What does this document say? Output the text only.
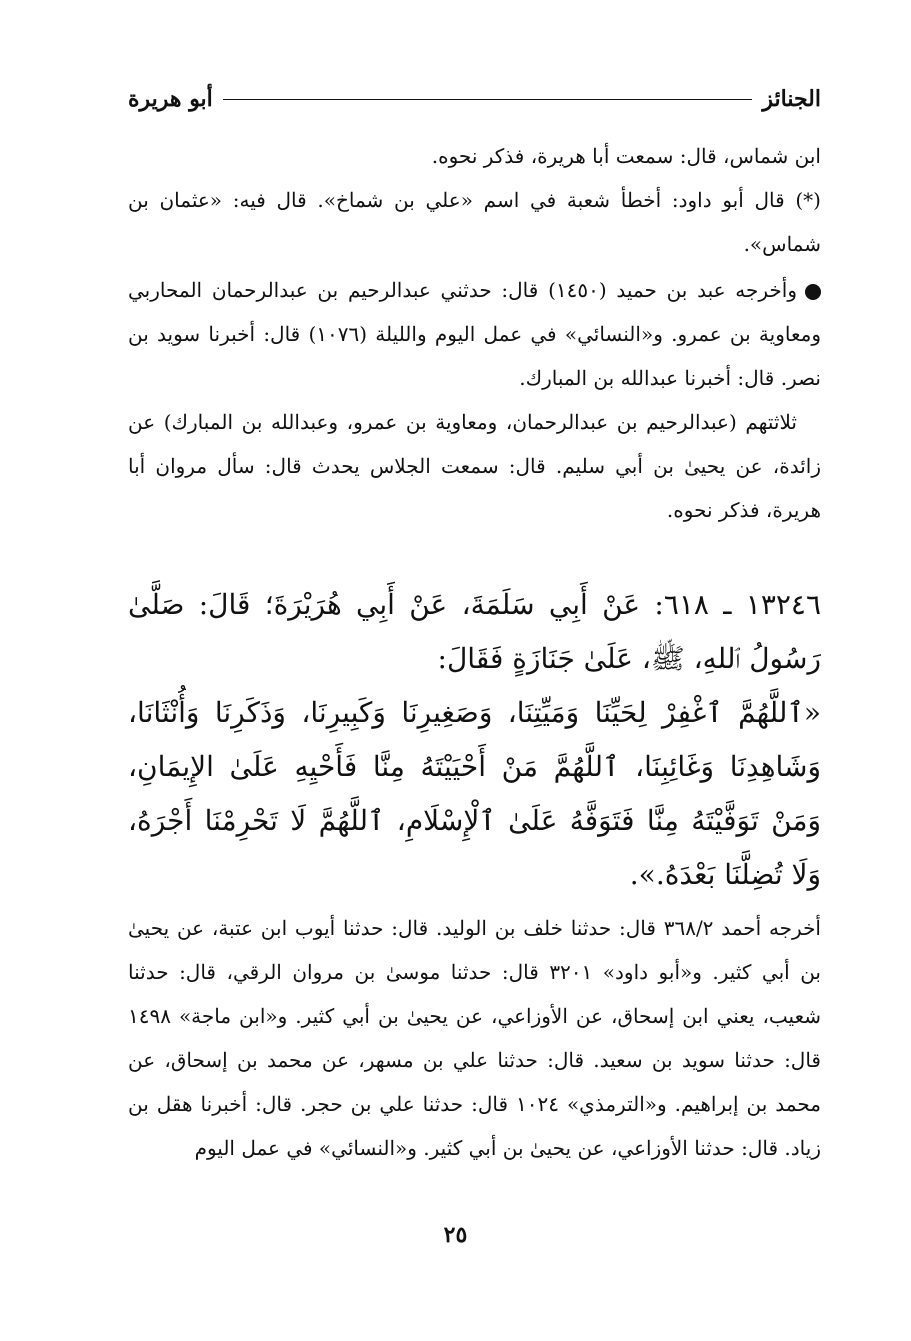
الجنائز
أبو هريرة
ابن شماس، قال: سمعت أبا هريرة، فذكر نحوه.
(*) قال أبو داود: أخطأ شعبة في اسم «علي بن شماخ». قال فيه: «عثمان بن شماس».
وأخرجه عبد بن حميد (١٤٥٠) قال: حدثني عبدالرحيم بن عبدالرحمان المحاربي ومعاوية بن عمرو. و«النسائي» في عمل اليوم والليلة (١٠٧٦) قال: أخبرنا سويد بن نصر. قال: أخبرنا عبدالله بن المبارك.
ثلاثتهم (عبدالرحيم بن عبدالرحمان، ومعاوية بن عمرو، وعبدالله بن المبارك) عن زائدة، عن يحيىٰ بن أبي سليم. قال: سمعت الجلاس يحدث قال: سأل مروان أبا هريرة، فذكر نحوه.
١٣٢٤٦ ـ ٦١٨: عَنْ أَبِي سَلَمَةَ، عَنْ أَبِي هُرَيْرَةَ؛ قَالَ: صَلَّىٰ رَسُولُ ٱللهِ، ﷺ، عَلَىٰ جَنَازَةٍ فَقَالَ:
«ٱللَّهُمَّ ٱغْفِرْ لِحَيِّنَا وَمَيِّتِنَا، وَصَغِيرِنَا وَكَبِيرِنَا، وَذَكَرِنَا وَأُنْثَانَا، وَشَاهِدِنَا وَغَائِبِنَا، ٱللَّهُمَّ مَنْ أَحْيَيْتَهُ مِنَّا فَأَحْيِهِ عَلَىٰ الإِيمَانِ، وَمَنْ تَوَفَّيْتَهُ مِنَّا فَتَوَفَّهُ عَلَىٰ ٱلْإِسْلَامِ، ٱللَّهُمَّ لَا تَحْرِمْنَا أَجْرَهُ، وَلَا تُضِلَّنَا بَعْدَهُ.».
أخرجه أحمد ٣٦٨/٢ قال: حدثنا خلف بن الوليد. قال: حدثنا أيوب ابن عتبة، عن يحيىٰ بن أبي كثير. و«أبو داود» ٣٢٠١ قال: حدثنا موسىٰ بن مروان الرقي، قال: حدثنا شعيب، يعني ابن إسحاق، عن الأوزاعي، عن يحيىٰ بن أبي كثير. و«ابن ماجة» ١٤٩٨ قال: حدثنا سويد بن سعيد. قال: حدثنا علي بن مسهر، عن محمد بن إسحاق، عن محمد بن إبراهيم. و«الترمذي» ١٠٢٤ قال: حدثنا علي بن حجر. قال: أخبرنا هقل بن زياد. قال: حدثنا الأوزاعي، عن يحيىٰ بن أبي كثير. و«النسائي» في عمل اليوم
٢٥
